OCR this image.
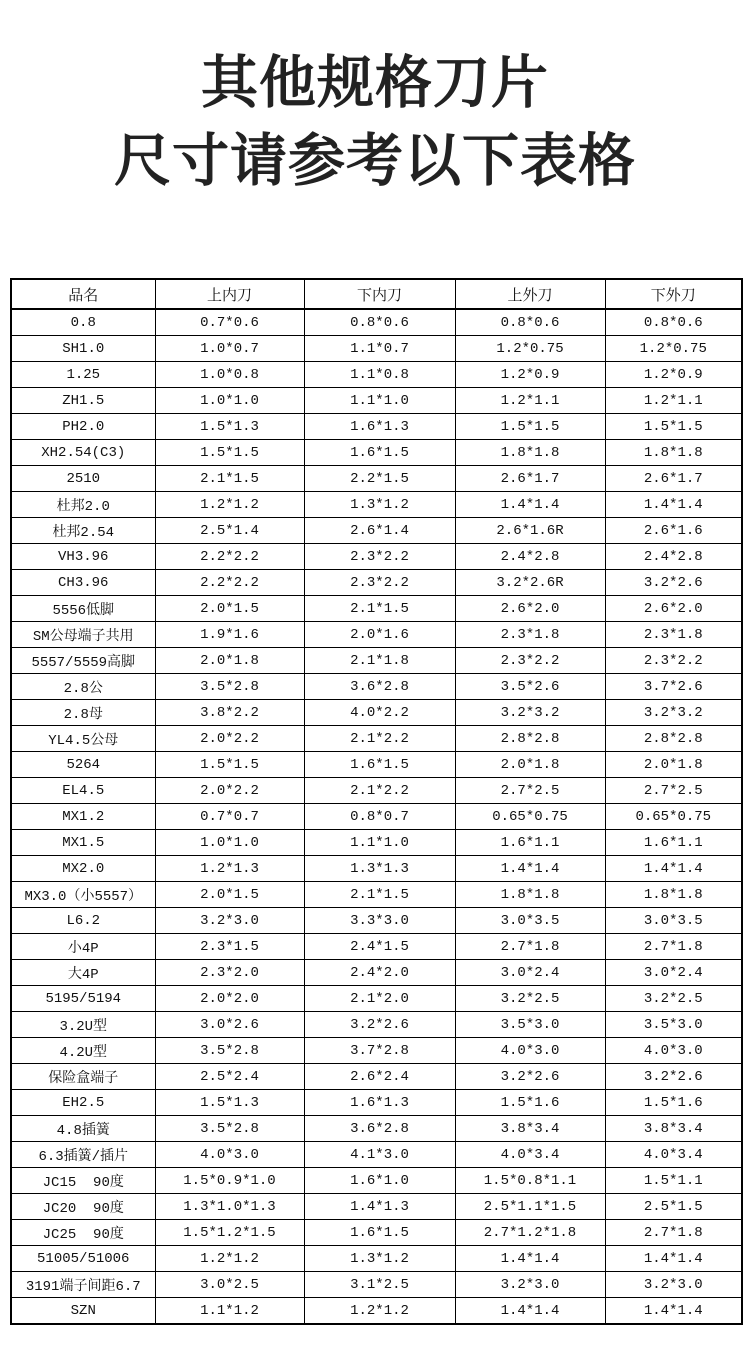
其他规格刀片
尺寸请参考以下表格
品名	上内刀	下内刀	上外刀	下外刀
0.8	0.7*0.6	0.8*0.6	0.8*0.6	0.8*0.6
SH1.0	1.0*0.7	1.1*0.7	1.2*0.75	1.2*0.75
1.25	1.0*0.8	1.1*0.8	1.2*0.9	1.2*0.9
ZH1.5	1.0*1.0	1.1*1.0	1.2*1.1	1.2*1.1
PH2.0	1.5*1.3	1.6*1.3	1.5*1.5	1.5*1.5
XH2.54(C3)	1.5*1.5	1.6*1.5	1.8*1.8	1.8*1.8
2510	2.1*1.5	2.2*1.5	2.6*1.7	2.6*1.7
杜邦2.0	1.2*1.2	1.3*1.2	1.4*1.4	1.4*1.4
杜邦2.54	2.5*1.4	2.6*1.4	2.6*1.6R	2.6*1.6
VH3.96	2.2*2.2	2.3*2.2	2.4*2.8	2.4*2.8
CH3.96	2.2*2.2	2.3*2.2	3.2*2.6R	3.2*2.6
5556低脚	2.0*1.5	2.1*1.5	2.6*2.0	2.6*2.0
SM公母端子共用	1.9*1.6	2.0*1.6	2.3*1.8	2.3*1.8
5557/5559高脚	2.0*1.8	2.1*1.8	2.3*2.2	2.3*2.2
2.8公	3.5*2.8	3.6*2.8	3.5*2.6	3.7*2.6
2.8母	3.8*2.2	4.0*2.2	3.2*3.2	3.2*3.2
YL4.5公母	2.0*2.2	2.1*2.2	2.8*2.8	2.8*2.8
5264	1.5*1.5	1.6*1.5	2.0*1.8	2.0*1.8
EL4.5	2.0*2.2	2.1*2.2	2.7*2.5	2.7*2.5
MX1.2	0.7*0.7	0.8*0.7	0.65*0.75	0.65*0.75
MX1.5	1.0*1.0	1.1*1.0	1.6*1.1	1.6*1.1
MX2.0	1.2*1.3	1.3*1.3	1.4*1.4	1.4*1.4
MX3.0（小5557）	2.0*1.5	2.1*1.5	1.8*1.8	1.8*1.8
L6.2	3.2*3.0	3.3*3.0	3.0*3.5	3.0*3.5
小4P	2.3*1.5	2.4*1.5	2.7*1.8	2.7*1.8
大4P	2.3*2.0	2.4*2.0	3.0*2.4	3.0*2.4
5195/5194	2.0*2.0	2.1*2.0	3.2*2.5	3.2*2.5
3.2U型	3.0*2.6	3.2*2.6	3.5*3.0	3.5*3.0
4.2U型	3.5*2.8	3.7*2.8	4.0*3.0	4.0*3.0
保险盒端子	2.5*2.4	2.6*2.4	3.2*2.6	3.2*2.6
EH2.5	1.5*1.3	1.6*1.3	1.5*1.6	1.5*1.6
4.8插簧	3.5*2.8	3.6*2.8	3.8*3.4	3.8*3.4
6.3插簧/插片	4.0*3.0	4.1*3.0	4.0*3.4	4.0*3.4
JC15  90度	1.5*0.9*1.0	1.6*1.0	1.5*0.8*1.1	1.5*1.1
JC20  90度	1.3*1.0*1.3	1.4*1.3	2.5*1.1*1.5	2.5*1.5
JC25  90度	1.5*1.2*1.5	1.6*1.5	2.7*1.2*1.8	2.7*1.8
51005/51006	1.2*1.2	1.3*1.2	1.4*1.4	1.4*1.4
3191端子间距6.7	3.0*2.5	3.1*2.5	3.2*3.0	3.2*3.0
SZN	1.1*1.2	1.2*1.2	1.4*1.4	1.4*1.4
